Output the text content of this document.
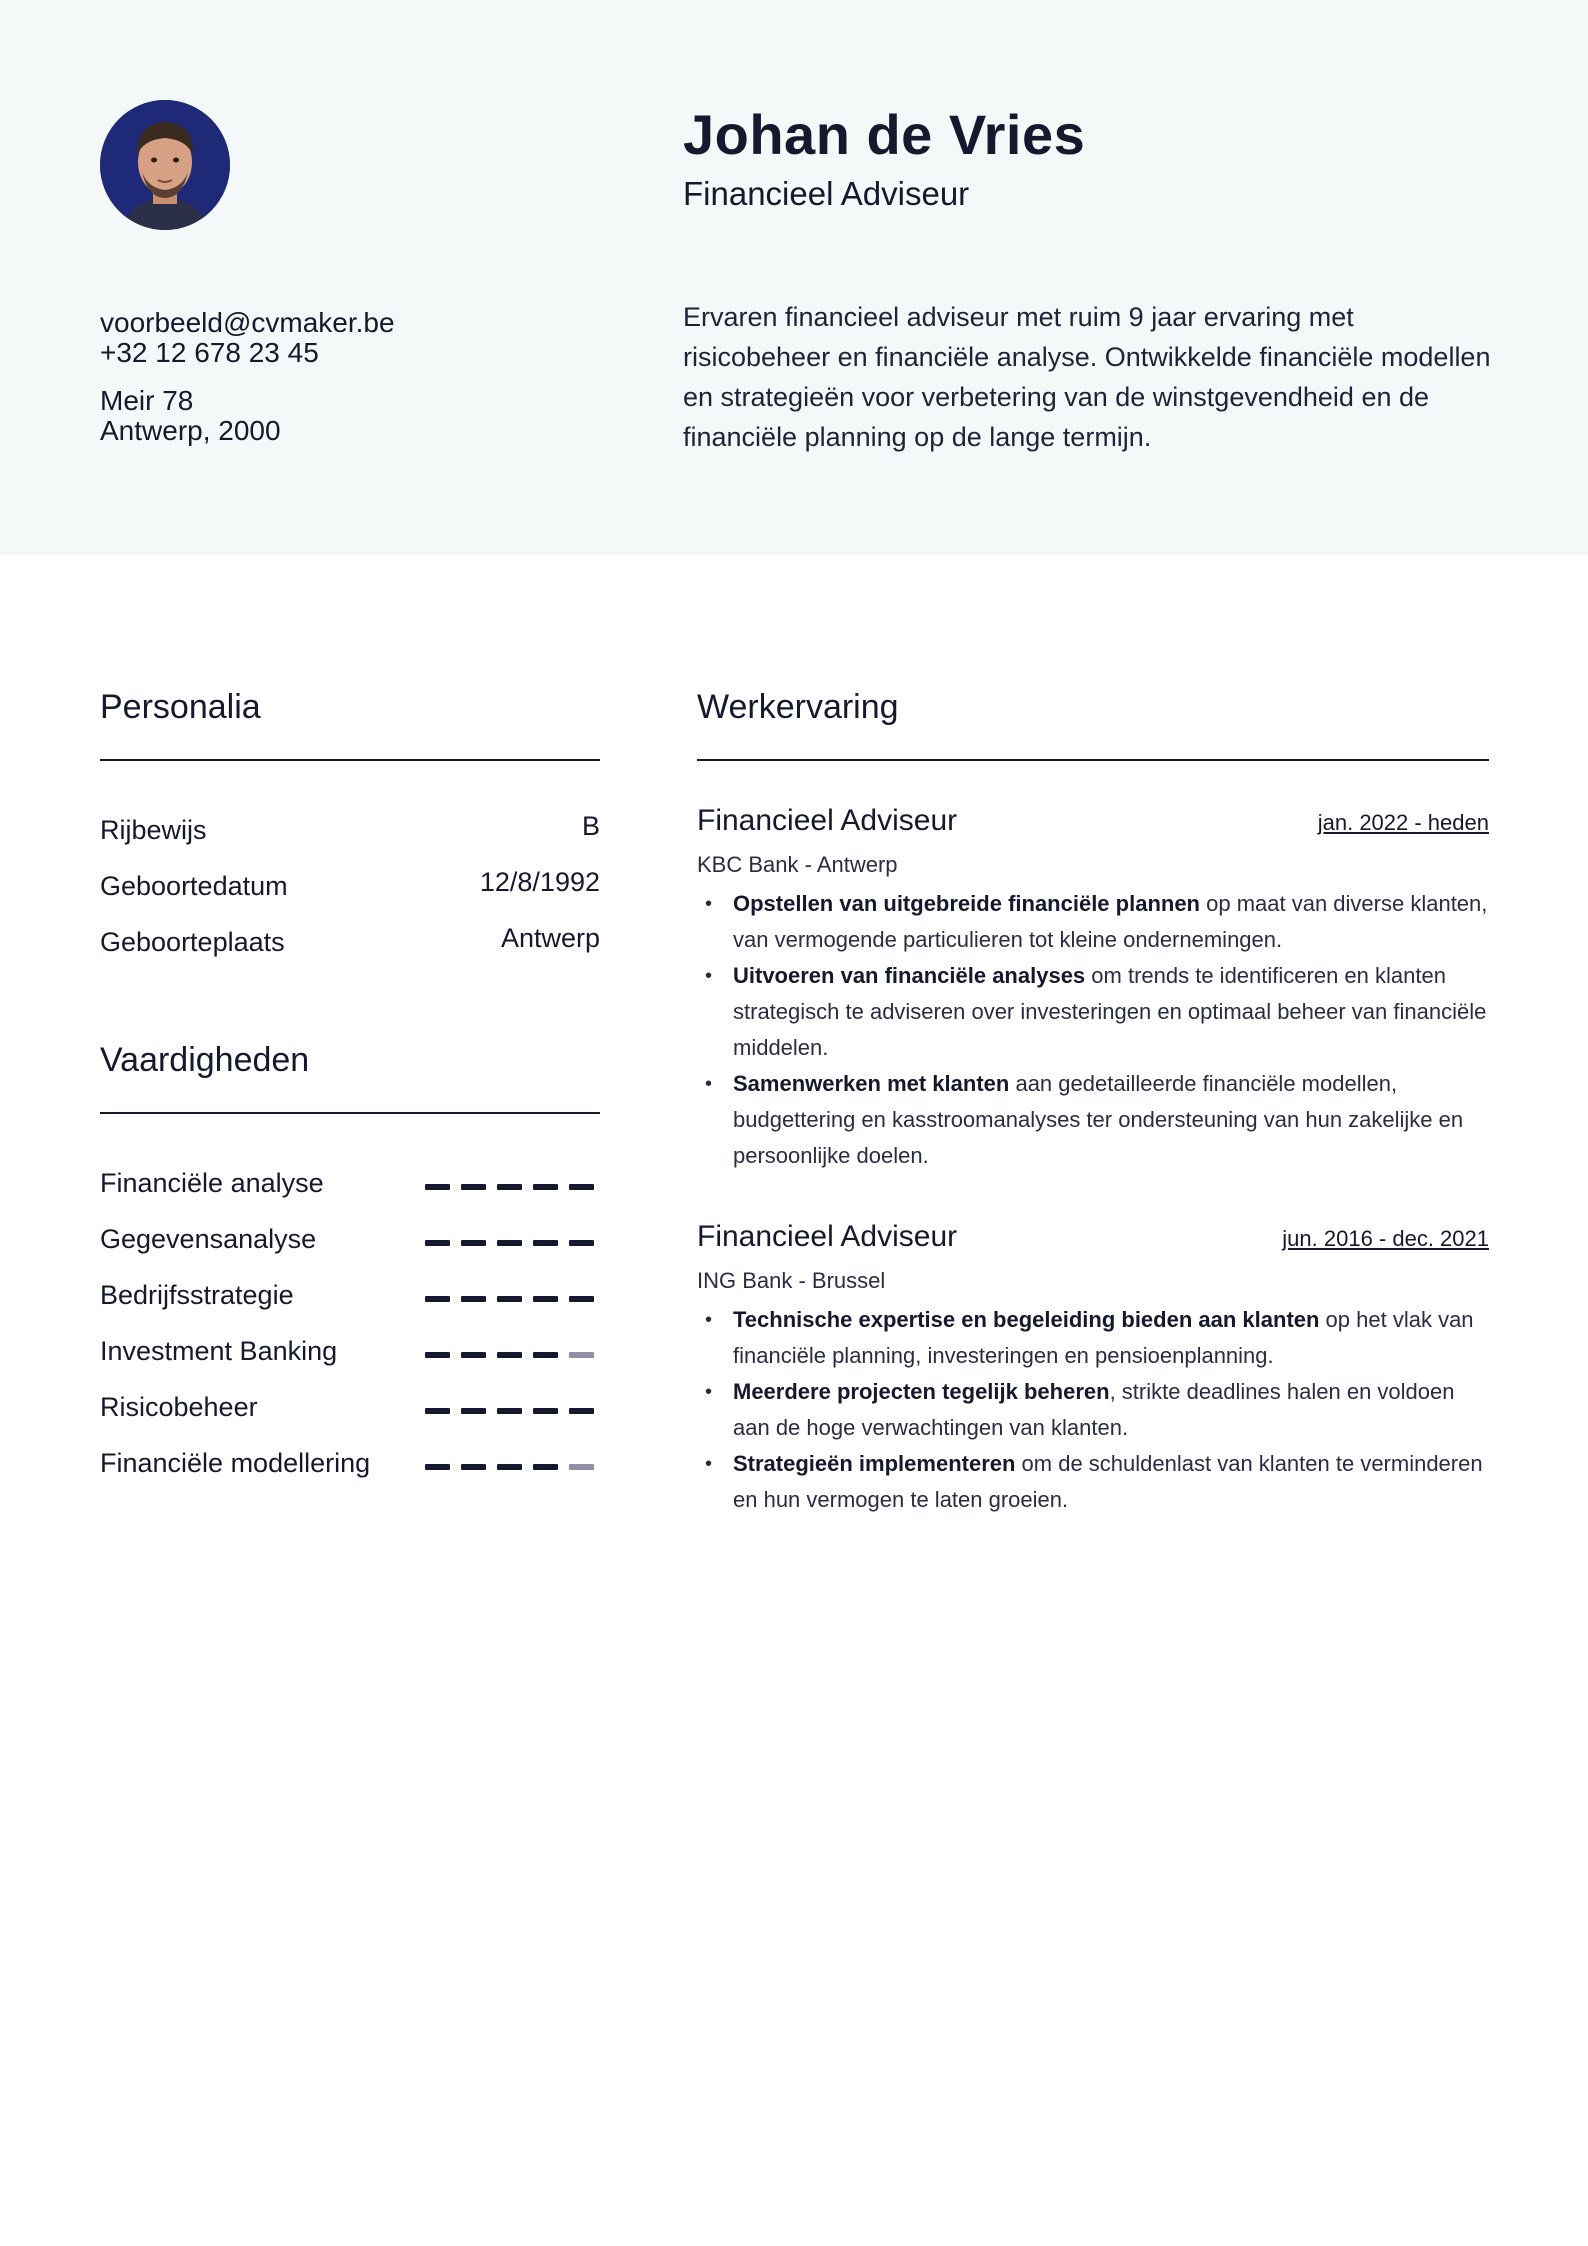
Johan de Vries
Financieel Adviseur
voorbeeld@cvmaker.be
+32 12 678 23 45
Meir 78
Antwerp, 2000
Ervaren financieel adviseur met ruim 9 jaar ervaring met risicobeheer en financiële analyse. Ontwikkelde financiële modellen en strategieën voor verbetering van de winstgevendheid en de financiële planning op de lange termijn.
Personalia
Rijbewijs	B
Geboortedatum	12/8/1992
Geboorteplaats	Antwerp
Vaardigheden
Financiële analyse
Gegevensanalyse
Bedrijfsstrategie
Investment Banking
Risicobeheer
Financiële modellering
Werkervaring
Financieel Adviseur	jan. 2022 - heden
KBC Bank - Antwerp
• Opstellen van uitgebreide financiële plannen op maat van diverse klanten, van vermogende particulieren tot kleine ondernemingen.
• Uitvoeren van financiële analyses om trends te identificeren en klanten strategisch te adviseren over investeringen en optimaal beheer van financiële middelen.
• Samenwerken met klanten aan gedetailleerde financiële modellen, budgettering en kasstroomanalyses ter ondersteuning van hun zakelijke en persoonlijke doelen.
Financieel Adviseur	jun. 2016 - dec. 2021
ING Bank - Brussel
• Technische expertise en begeleiding bieden aan klanten op het vlak van financiële planning, investeringen en pensioenplanning.
• Meerdere projecten tegelijk beheren, strikte deadlines halen en voldoen aan de hoge verwachtingen van klanten.
• Strategieën implementeren om de schuldenlast van klanten te verminderen en hun vermogen te laten groeien.
